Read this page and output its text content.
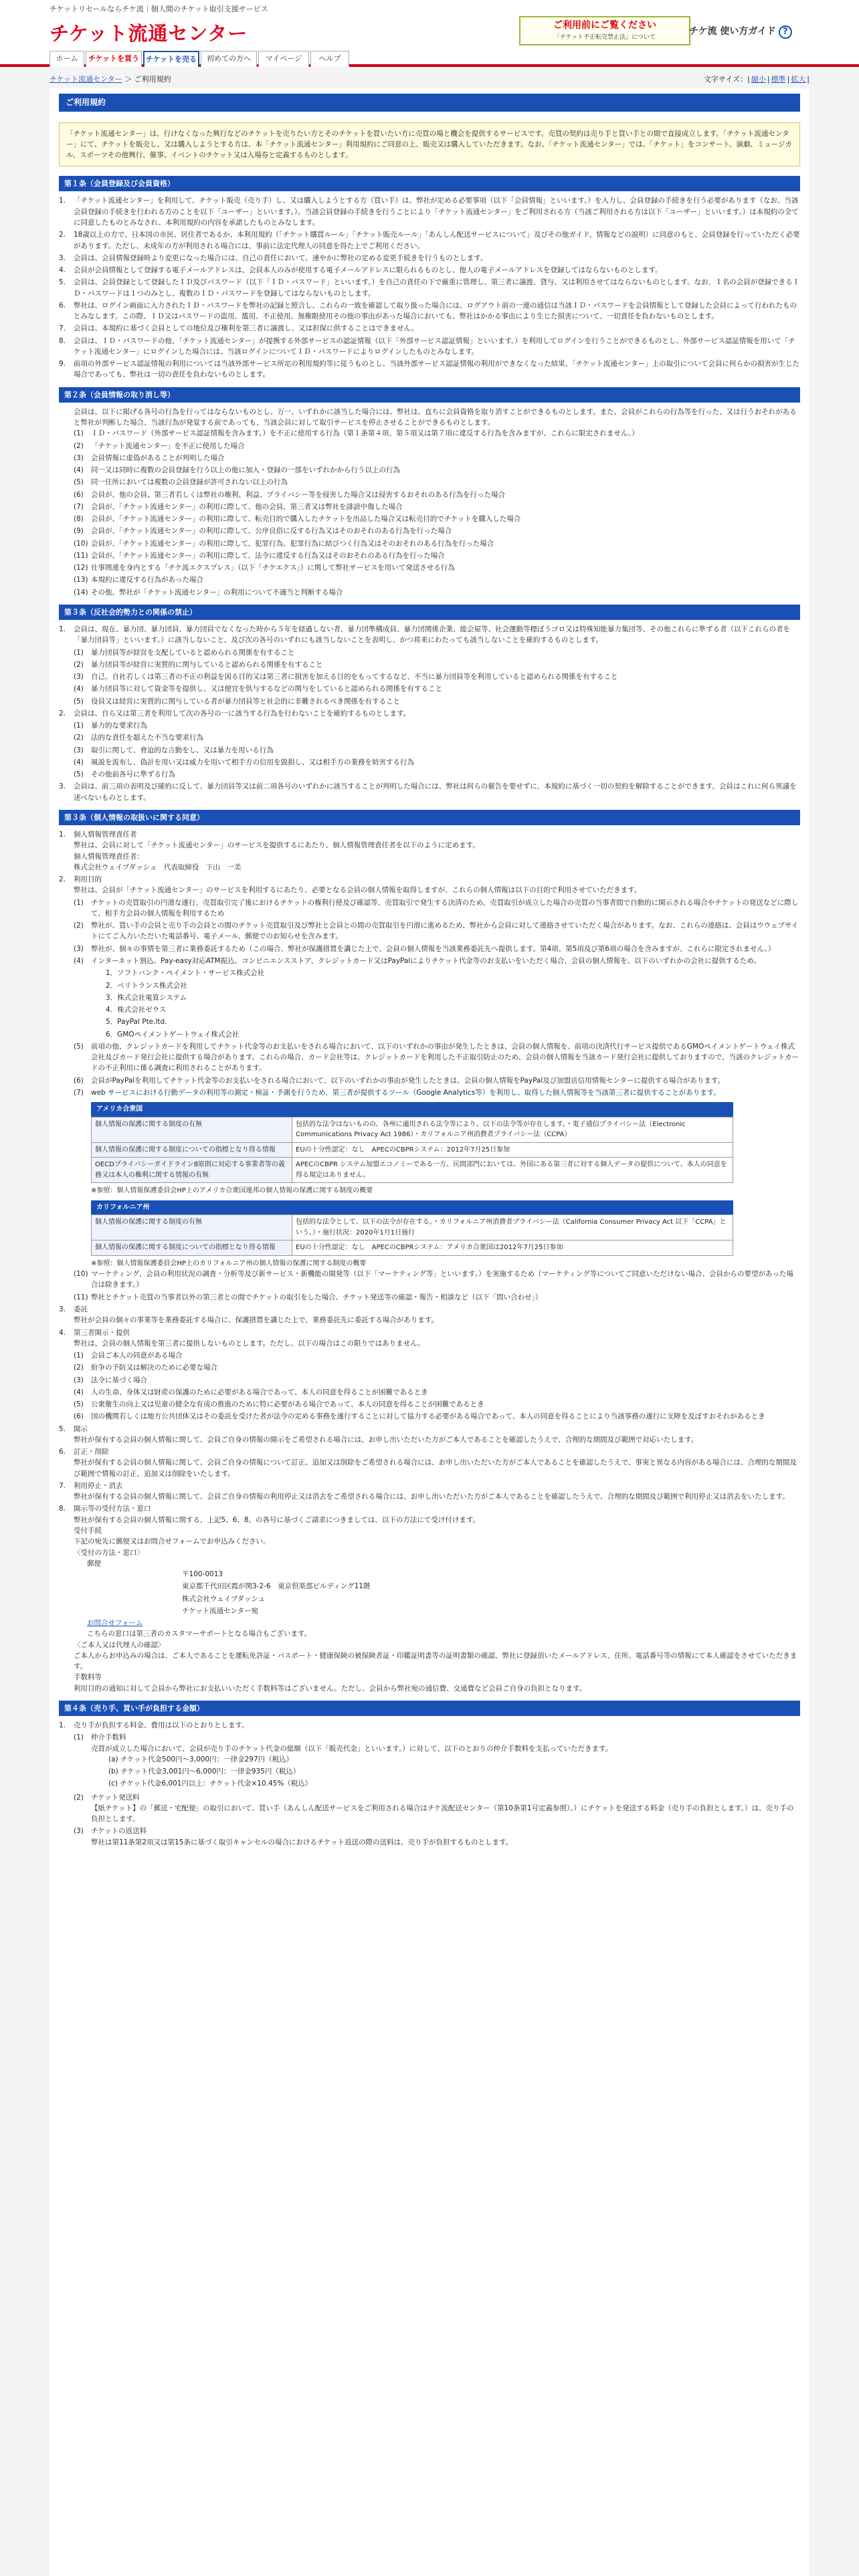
チケットリセールならチケ流｜個人間のチケット取引支援サービス
チケット流通センター	ご利用前にご覧ください
「チケット不正転売禁止法」について
チケ流 使い方ガイド ?
ホーム	チケットを買う チケットを売る	初めての方へ	マイページ	ヘルプ
チケット流通センター ＞ ご利用規約	文字サイズ：| 縮小 | 標準 | 拡大 |
ご利用規約
「チケット流通センター」は、行けなくなった興行などのチケットを売りたい方とそのチケットを買いたい方に売買の場と機会を提供するサービスです。売買の契約は売り手と買い手との間で直接成立します。「チケット流通センター」にて、チケットを販売し、又は購入しようとする方は、本「チケット流通センター」利用規約にご同意の上、販売又は購入していただきます。なお、「チケット流通センター」では、「チケット」をコンサート、演劇、ミュージカル、スポーツその他興行、催事、イベントのチケット又は入場券と定義するものとします。
第１条（会員登録及び会員資格）
1.	「チケット流通センター」を利用して、チケット販売（売り手）し、又は購入しようとする方（買い手）は、弊社が定める必要事項（以下「会員情報」といいます。）を入力し、会員登録の手続きを行う必要があります（なお、当該会員登録の手続きを行われる方のことを以下「ユーザー」といいます。）。当該会員登録の手続きを行うことにより「チケット流通センター」をご利用される方（当該ご利用される方は以下「ユーザー」といいます。）は本規約の全てに同意したものとみなされ、本利用規約の内容を承諾したものとみなします。
2.	18歳以上の方で、日本国の市民、居住者であるか、本利用規約（「チケット購買ルール」「チケット販売ルール」「あんしん配送サービスについて」及びその他ガイド、情報などの説明）に同意のもと、会員登録を行っていただく必要があります。ただし、未成年の方が利用される場合には、事前に法定代理人の同意を得た上でご利用ください。
3.	会員は、会員情報登録時より変更になった場合には、自己の責任において、速やかに弊社の定める変更手続きを行うものとします。
4.	会員が会員情報として登録する電子メールアドレスは、会員本人のみが使用する電子メールアドレスに限られるものとし、他人の電子メールアドレスを登録してはならないものとします。
5.	会員は、会員登録として登録したＩＤ及びパスワード（以下「ＩＤ・パスワード」といいます。）を自己の責任の下で厳重に管理し、第三者に譲渡、貸与、又は利用させてはならないものとします。なお、１名の会員が登録できるＩＤ・パスワードは１つのみとし、複数のＩＤ・パスワードを登録してはならないものとします。
6.	弊社は、ログイン画面に入力されたＩＤ・パスワードを弊社の記録と照合し、これらの一致を確認して取り扱った場合には、ログアウト前の一連の通信は当該ＩＤ・パスワードを会員情報として登録した会員によって行われたものとみなします。この際、ＩＤ又はパスワードの盗用、濫用、不正使用、無権限使用その他の事由があった場合においても、弊社はかかる事由により生じた損害について、一切責任を負わないものとします。
7.	会員は、本規約に基づく会員としての地位及び権利を第三者に譲渡し、又は担保に供することはできません。
8.	会員は、ＩＤ・パスワードの他、「チケット流通センター」が提携する外部サービスの認証情報（以下「外部サービス認証情報」といいます。）を利用してログインを行うことができるものとし、外部サービス認証情報を用いて「チケット流通センター」にログインした場合には、当該ログインについてＩＤ・パスワードによりログインしたものとみなします。
9.	前項の外部サービス認証情報の利用については当該外部サービス所定の利用規約等に従うものとし、当該外部サービス認証情報の利用ができなくなった結果、「チケット流通センター」上の取引について会員に何らかの損害が生じた場合であっても、弊社は一切の責任を負わないものとします。
第２条（会員情報の取り消し等）
会員は、以下に掲げる各号の行為を行ってはならないものとし、万一、いずれかに該当した場合には、弊社は、直ちに会員資格を取り消すことができるものとします。また、会員がこれらの行為等を行った、又は行うおそれがあると弊社が判断した場合、当該行為が発覚する前であっても、当該会員に対して取引サービスを停止させることができるものとします。
(1)	ＩＤ・パスワード（外部サービス認証情報を含みます。）を不正に使用する行為（第１条第４項、第５項又は第７項に違反する行為を含みますが、これらに限定されません。）
(2)	「チケット流通センター」を不正に使用した場合
(3)	会員情報に虚偽があることが判明した場合
(4)	同一又は同時に複数の会員登録を行う以上の他に加入・登録の一部をいずれかから行う以上の行為
(5)	同一住所においては複数の会員登録が許可されない以上の行為
(6)	会員が、他の会員、第三者若しくは弊社の権利、利益、プライバシー等を侵害した場合又は侵害するおそれのある行為を行った場合
(7)	会員が、「チケット流通センター」の利用に際して、他の会員、第三者又は弊社を誹謗中傷した場合
(8)	会員が、「チケット流通センター」の利用に際して、転売目的で購入したチケットを出品した場合又は転売目的でチケットを購入した場合
(9)	会員が、「チケット流通センター」の利用に際して、公序良俗に反する行為又はそのおそれのある行為を行った場合
(10) 会員が、「チケット流通センター」の利用に際して、犯罪行為、犯罪行為に結びつく行為又はそのおそれのある行為を行った場合
(11) 会員が、「チケット流通センター」の利用に際して、法令に違反する行為又はそのおそれのある行為を行った場合
(12) 仕事関連を身内とする「チケ流エクスプレス」（以下「チケエクス」）に関して弊社サービスを用いて発送させる行為
(13) 本規約に違反する行為があった場合
(14) その他、弊社が「チケット流通センター」の利用について不適当と判断する場合
第３条（反社会的勢力との関係の禁止）
1.	会員は、現在、暴力団、暴力団員、暴力団員でなくなった時から５年を経過しない者、暴力団準構成員、暴力団関係企業、総会屋等、社会運動等標ぼうゴロ又は特殊知能暴力集団等、その他これらに準ずる者（以下これらの者を「暴力団員等」といいます。）に該当しないこと、及び次の各号のいずれにも該当しないことを表明し、かつ将来にわたっても該当しないことを確約するものとします。
(1)	暴力団員等が経営を支配していると認められる関係を有すること
(2)	暴力団員等が経営に実質的に関与していると認められる関係を有すること
(3)	自己、自社若しくは第三者の不正の利益を図る目的又は第三者に損害を加える目的をもってするなど、不当に暴力団員等を利用していると認められる関係を有すること
(4)	暴力団員等に対して資金等を提供し、又は便宜を供与するなどの関与をしていると認められる関係を有すること
(5)	役員又は経営に実質的に関与している者が暴力団員等と社会的に非難されるべき関係を有すること
2.	会員は、自ら又は第三者を利用して次の各号の一に該当する行為を行わないことを確約するものとします。
(1)	暴力的な要求行為
(2)	法的な責任を超えた不当な要求行為
(3)	取引に関して、脅迫的な言動をし、又は暴力を用いる行為
(4)	風説を流布し、偽計を用い又は威力を用いて相手方の信用を毀損し、又は相手方の業務を妨害する行為
(5)	その他前各号に準ずる行為
3.	会員は、前三項の表明及び確約に反して、暴力団員等又は前二項各号のいずれかに該当することが判明した場合には、弊社は何らの催告を要せずに、本規約に基づく一切の契約を解除することができます。会員はこれに何ら異議を述べないものとします。
第３条（個人情報の取扱いに関する同意）
1.	個人情報管理責任者
弊社は、会員に対して「チケット流通センター」のサービスを提供するにあたり、個人情報管理責任者を以下のように定めます。
個人情報管理責任者：
株式会社ウェイブダッシュ　代表取締役　下山　一美
2.	利用目的
弊社は、会員が「チケット流通センター」のサービスを利用するにあたり、必要となる会員の個人情報を取得しますが、これらの個人情報は以下の目的で利用させていただきます。
(1)	チケットの売買取引の円滑な遂行、売買取引完了後におけるチケットの権利行使及び確認等、売買取引で発生する決済のため、売買取引が成立した場合の売買の当事者間で自動的に開示される場合やチケットの発送などに際して、相手方会員の個人情報を利用するため
(2)	弊社が、買い手の会員と売り手の会員との間のチケット売買取引及び弊社と会員との間の売買取引を円滑に進めるため、弊社から会員に対して連絡させていただく場合があります。なお、これらの連絡は、会員はウウェブサイトにてご入力いただいた電話番号、電子メール、郵便でのお知らせを含みます。
(3)	弊社が、個々の事情を第三者に業務委託するため（この場合、弊社が保護措置を講じた上で、会員の個人情報を当該業務委託先へ提供します。第4項、第5項及び第6項の場合を含みますが、これらに限定されません。）
(4)	インターネット割込、Pay-easy対応ATM振込、コンビニエンスストア、クレジットカード又はPayPalによりチケット代金等のお支払いをいただく場合、会員の個人情報を、以下のいずれかの会社に提供するため。
1．ソフトバンク・ペイメント・サービス株式会社
2．ベリトランス株式会社
3．株式会社電算システム
4．株式会社ゼウス
5．PayPal Pte.ltd.
6．GMOペイメントゲートウェイ株式会社
(5)	前項の他、クレジットカードを利用してチケット代金等のお支払いをされる場合において、以下のいずれかの事由が発生したときは、会員の個人情報を、前項の決済代行サービス提供であるGMOペイメントゲートウェイ株式会社及びカード発行会社に提供する場合があります。これらの場合、カード会社等は、クレジットカードを利用した不正取引防止のため、会員の個人情報を当該カード発行会社に提供しておりますので、当該のクレジットカードの不正利用に係る調査に利用されることがあります。
(6)	会員がPayPalを利用してチケット代金等のお支払いをされる場合において、以下のいずれかの事由が発生したときは、会員の個人情報をPayPal及び加盟店信用情報センターに提供する場合があります。
(7)	web サービスにおける行動データの利用等の測定・検証・予測を行うため、第三者が提供するツール（Google Analytics等）を利用し、取得した個人情報等を当該第三者に提供することがあります。
アメリカ合衆国
個人情報の保護に関する制度の有無	包括的な法令はないものの、各州に適用される法令等により、以下の法令等が存在します。・電子通信プライバシー法（Electronic Communications Privacy Act 1986）・カリフォルニア州消費者プライバシー法（CCPA）
個人情報の保護に関する制度についての指標となり得る情報	EUの十分性認定：なし　APECのCBPRシステム：2012年7月25日参加
OECDプライバシーガイドライン8原則に対応する事業者等の義務又は本人の権利に関する情報の有無	APECのCBPR システム加盟エコノミーである一方、民間部門においては、外国にある第三者に対する個人データの提供について、本人の同意を得る規定はありません。
※参照：個人情報保護委員会HP上のアメリカ合衆国連邦の個人情報の保護に関する制度の概要
カリフォルニア州
個人情報の保護に関する制度の有無	包括的な法令として、以下の法令が存在する。・カリフォルニア州消費者プライバシー法（California Consumer Privacy Act 以下「CCPA」という。）・施行状況：2020年1月1日施行
個人情報の保護に関する制度についての指標となり得る情報	EUの十分性認定：なし　APECのCBPRシステム：アメリカ合衆国は2012年7月25日参加
※参照：個人情報保護委員会HP上のカリフォルニア州の個人情報の保護に関する制度の概要
(10) マーケティング、会員の利用状況の調査・分析等及び新サービス・新機能の開発等（以下「マーケティング等」といいます。）を実施するため（マーケティング等についてご同意いただけない場合、会員からの要望があった場合は除きます。）
(11) 弊社とチケット売買の当事者以外の第三者との間でチケットの取引をした場合、チケット発送等の確認・報告・相談など（以下「問い合わせ」）
3.	委託
弊社が会員の個々の事業等を業務委託する場合に、保護措置を講じた上で、業務委託先に委託する場合があります。
4.	第三者開示・提供
弊社は、会員の個人情報を第三者に提供しないものとします。ただし、以下の場合はこの限りではありません。
(1)	会員ご本人の同意がある場合
(2)	紛争の予防又は解決のために必要な場合
(3)	法令に基づく場合
(4)	人の生命、身体又は財産の保護のために必要がある場合であって、本人の同意を得ることが困難であるとき
(5)	公衆衛生の向上又は児童の健全な育成の推進のために特に必要がある場合であって、本人の同意を得ることが困難であるとき
(6)	国の機関若しくは地方公共団体又はその委託を受けた者が法令の定める事務を遂行することに対して協力する必要がある場合であって、本人の同意を得ることにより当該事務の遂行に支障を及ぼすおそれがあるとき
5.	開示
弊社が保有する会員の個人情報に関して、会員ご自身の情報の開示をご希望される場合には、お申し出いただいた方がご本人であることを確認したうえで、合理的な期間及び範囲で対応いたします。
6.	訂正・削除
弊社が保有する会員の個人情報に関して、会員ご自身の情報について訂正、追加又は削除をご希望される場合には、お申し出いただいた方がご本人であることを確認したうえで、事実と異なる内容がある場合には、合理的な期間及び範囲で情報の訂正、追加又は削除をいたします。
7.	利用停止・消去
弊社が保有する会員の個人情報に関して、会員ご自身の情報の利用停止又は消去をご希望される場合には、お申し出いただいた方がご本人であることを確認したうえで、合理的な期間及び範囲で利用停止又は消去をいたします。
8.	開示等の受付方法・窓口
弊社が保有する会員の個人情報に関する、上記5、6、8、の各号に基づくご請求につきましては、以下の方法にて受け付けます。
受付手続
下記の宛先に郵便又はお問合せフォームでお申込みください。
〈受付の方法・窓口〉
郵便
〒100-0013
東京都千代田区霞が関3-2-6　東京倶楽部ビルディング11階
株式会社ウェイブダッシュ
チケット流通センター宛
お問合せフォーム
こちらの窓口は第三者のカスタマーサポートとなる場合もございます。
〈ご本人又は代理人の確認〉
ご本人からお申込みの場合は、ご本人であることを運転免許証・パスポート・健康保険の被保険者証・印鑑証明書等の証明書類の確認、弊社に登録頂いたメールアドレス、住所、電話番号等の情報にて本人確認をさせていただきます。
手数料等
利用目的の通知に対して会員から弊社にお支払いいただく手数料等はございません。ただし、会員から弊社宛の通信費、交通費など会員ご自身の負担となります。
第４条（売り手、買い手が負担する金額）
1.	売り手が負担する料金、費用は以下のとおりとします。
(1)	仲介手数料
売買が成立した場合において、会員が売り手のチケット代金の総額（以下「販売代金」といいます。）に対して、以下のとおりの仲介手数料を支払っていただきます。
(a) チケット代金500円〜3,000円：一律金297円（税込）
(b) チケット代金3,001円〜6,000円：一律金935円（税込）
(c) チケット代金6,001円以上：チケット代金×10.45%（税込）
(2)	チケット発送料
【紙チケット】の「郵送・宅配便」の取引において、買い手（あんしん配送サービスをご利用される場合はチケ流配送センター（第10条第1号定義参照）。）にチケットを発送する料金（売り手の負担とします。）は、売り手の負担とします。
(3)	チケットの返送料
弊社は第11条第2項又は第15条に基づく取引キャンセルの場合におけるチケット返送の際の送料は、売り手が負担するものとします。
